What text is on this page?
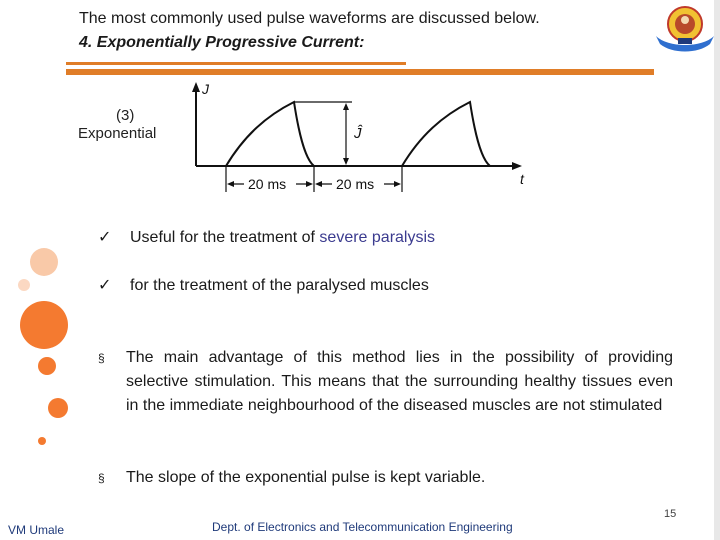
The most commonly used pulse waveforms are discussed below.
4. Exponentially Progressive Current:
(3)
Exponential
J
t
Ĵ
20 ms	20 ms
✓ Useful for the treatment of severe paralysis
✓ for the treatment of the paralysed muscles
§ The main advantage of this method lies in the possibility of providing selective stimulation. This means that the surrounding healthy tissues even in the immediate neighbourhood of the diseased muscles are not stimulated
§ The slope of the exponential pulse is kept variable.
VM Umale	Dept. of Electronics and Telecommunication Engineering
15
